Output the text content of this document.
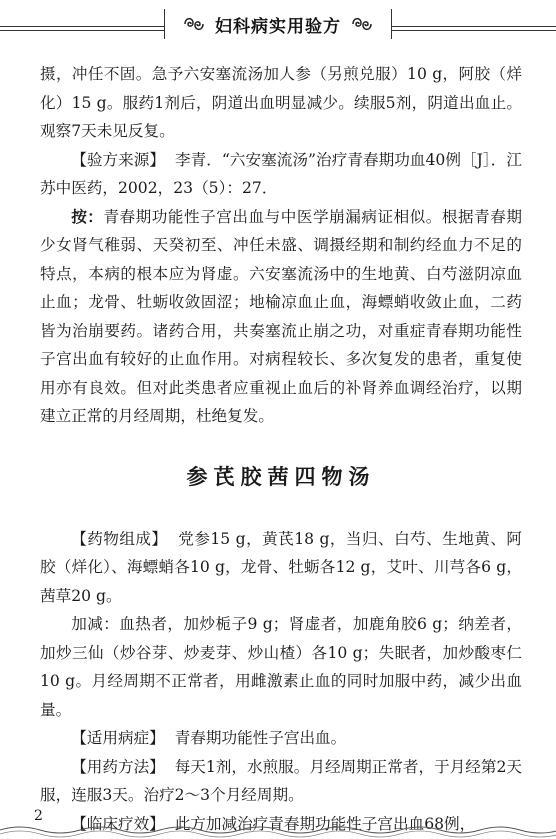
妇科病实用验方

摄，冲任不固。急予六安塞流汤加人参（另煎兑服）10 g，阿胶（烊化）15 g。服药1剂后，阴道出血明显减少。续服5剂，阴道出血止。观察7天未见反复。

【验方来源】 李青．“六安塞流汤”治疗青春期功血40例［J］．江苏中医药，2002，23（5）：27．

按：青春期功能性子宫出血与中医学崩漏病证相似。根据青春期少女肾气稚弱、天癸初至、冲任未盛、调摄经期和制约经血力不足的特点，本病的根本应为肾虚。六安塞流汤中的生地黄、白芍滋阴凉血止血；龙骨、牡蛎收敛固涩；地榆凉血止血，海螵蛸收敛止血，二药皆为治崩要药。诸药合用，共奏塞流止崩之功，对重症青春期功能性子宫出血有较好的止血作用。对病程较长、多次复发的患者，重复使用亦有良效。但对此类患者应重视止血后的补肾养血调经治疗，以期建立正常的月经周期，杜绝复发。

参芪胶茜四物汤

【药物组成】 党参15 g，黄芪18 g，当归、白芍、生地黄、阿胶（烊化）、海螵蛸各10 g，龙骨、牡蛎各12 g，艾叶、川芎各6 g，茜草20 g。

加减：血热者，加炒栀子9 g；肾虚者，加鹿角胶6 g；纳差者，加炒三仙（炒谷芽、炒麦芽、炒山楂）各10 g；失眠者，加炒酸枣仁10 g。月经周期不正常者，用雌激素止血的同时加服中药，减少出血量。

【适用病症】 青春期功能性子宫出血。

【用药方法】 每天1剂，水煎服。月经周期正常者，于月经第2天服，连服3天。治疗2～3个月经周期。

【临床疗效】 此方加减治疗青春期功能性子宫出血68例，

2
